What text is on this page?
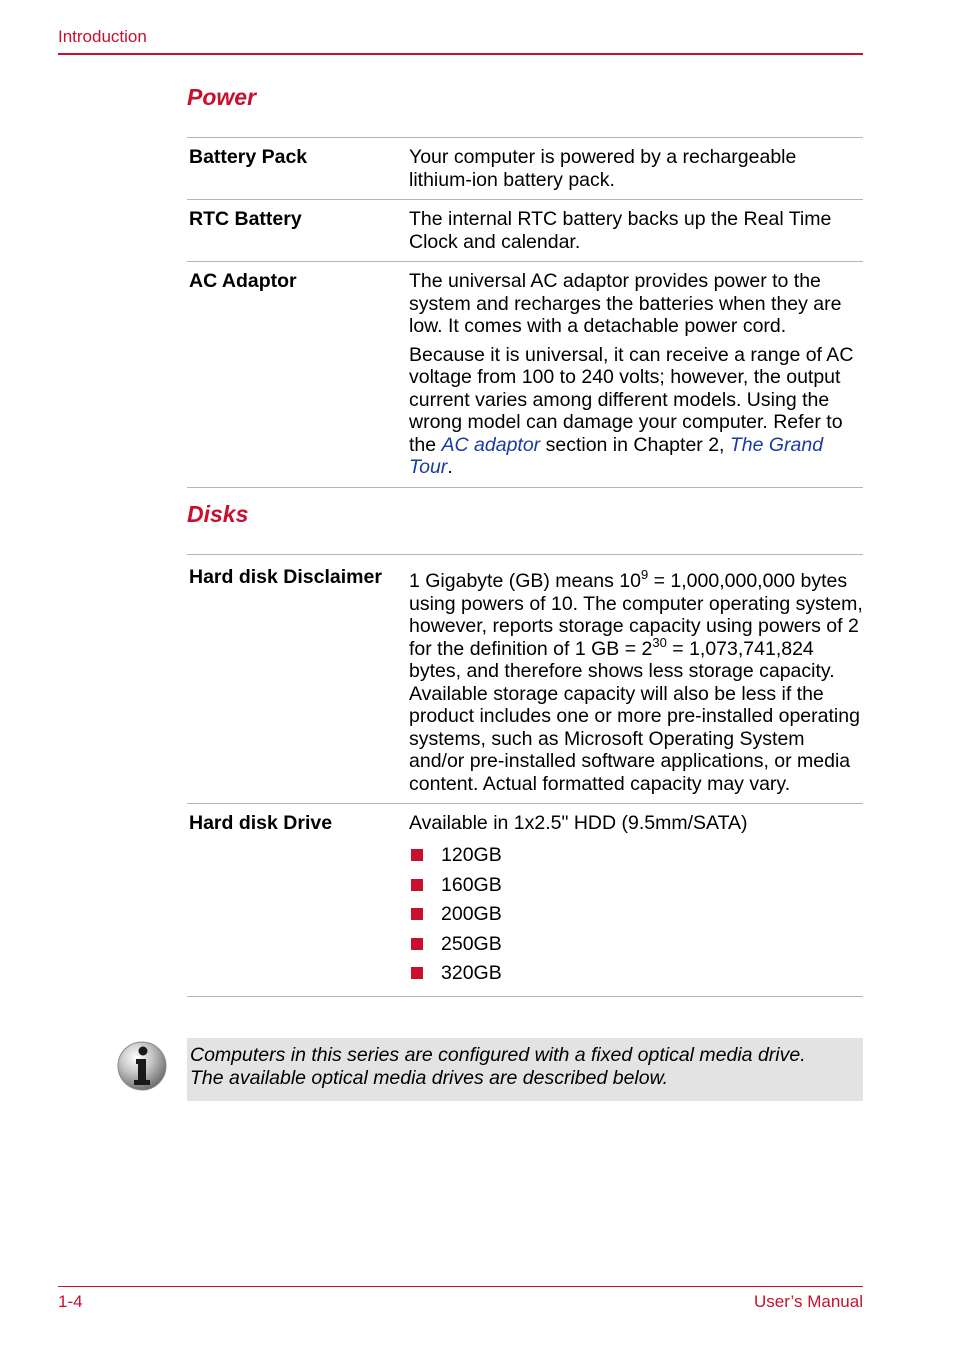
Introduction
Power
Battery Pack	Your computer is powered by a rechargeable lithium-ion battery pack.
RTC Battery	The internal RTC battery backs up the Real Time Clock and calendar.
AC Adaptor	The universal AC adaptor provides power to the system and recharges the batteries when they are low. It comes with a detachable power cord.

Because it is universal, it can receive a range of AC voltage from 100 to 240 volts; however, the output current varies among different models. Using the wrong model can damage your computer. Refer to the AC adaptor section in Chapter 2, The Grand Tour.

Disks
Hard disk Disclaimer	1 Gigabyte (GB) means $10^9 = 1,000,000,000$ bytes using powers of 10. The computer operating system, however, reports storage capacity using powers of 2 for the definition of 1 GB = $2^{30} = 1,073,741,824$ bytes, and therefore shows less storage capacity. Available storage capacity will also be less if the product includes one or more pre-installed operating systems, such as Microsoft Operating System and/or pre-installed software applications, or media content. Actual formatted capacity may vary.
Hard disk Drive	Available in 1x2.5" HDD (9.5mm/SATA)
120GB
160GB
200GB
250GB
320GB
Computers in this series are configured with a fixed optical media drive.
The available optical media drives are described below.
1-4	User’s Manual
